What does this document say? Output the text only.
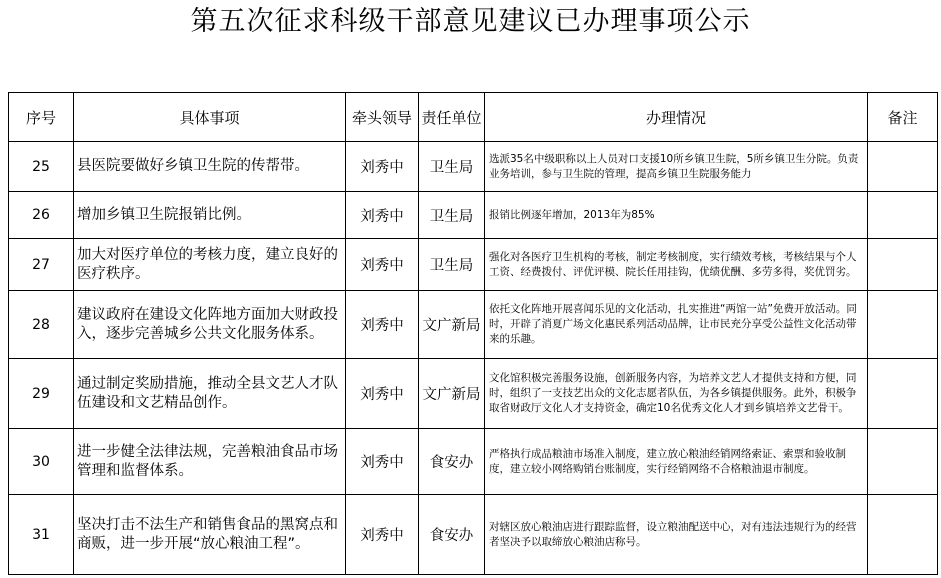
第五次征求科级干部意见建议已办理事项公示
序号	具体事项	牵头领导	责任单位	办理情况	备注
25	县医院要做好乡镇卫生院的传帮带。	刘秀中	卫生局	选派35名中级职称以上人员对口支援10所乡镇卫生院，5所乡镇卫生分院。负责业务培训，参与卫生院的管理，提高乡镇卫生院服务能力	
26	增加乡镇卫生院报销比例。	刘秀中	卫生局	报销比例逐年增加，2013年为85%	
27	加大对医疗单位的考核力度，建立良好的医疗秩序。	刘秀中	卫生局	强化对各医疗卫生机构的考核，制定考核制度，实行绩效考核，考核结果与个人工资、经费拨付、评优评模、院长任用挂钩，优绩优酬、多劳多得，奖优罚劣。	
28	建议政府在建设文化阵地方面加大财政投入，逐步完善城乡公共文化服务体系。	刘秀中	文广新局	依托文化阵地开展喜闻乐见的文化活动，扎实推进“两馆一站”免费开放活动。同时，开辟了消夏广场文化惠民系列活动品牌，让市民充分享受公益性文化活动带来的乐趣。	
29	通过制定奖励措施，推动全县文艺人才队伍建设和文艺精品创作。	刘秀中	文广新局	文化馆积极完善服务设施，创新服务内容，为培养文艺人才提供支持和方便，同时，组织了一支技艺出众的文化志愿者队伍，为各乡镇提供服务。此外，积极争取省财政厅文化人才支持资金，确定10名优秀文化人才到乡镇培养文艺骨干。	
30	进一步健全法律法规，完善粮油食品市场管理和监督体系。	刘秀中	食安办	严格执行成品粮油市场准入制度，建立放心粮油经销网络索证、索票和验收制度，建立较小网络购销台账制度，实行经销网络不合格粮油退市制度。	
31	坚决打击不法生产和销售食品的黑窝点和商贩，进一步开展“放心粮油工程”。	刘秀中	食安办	对辖区放心粮油店进行跟踪监督，设立粮油配送中心，对有违法违规行为的经营者坚决予以取缔放心粮油店称号。	
